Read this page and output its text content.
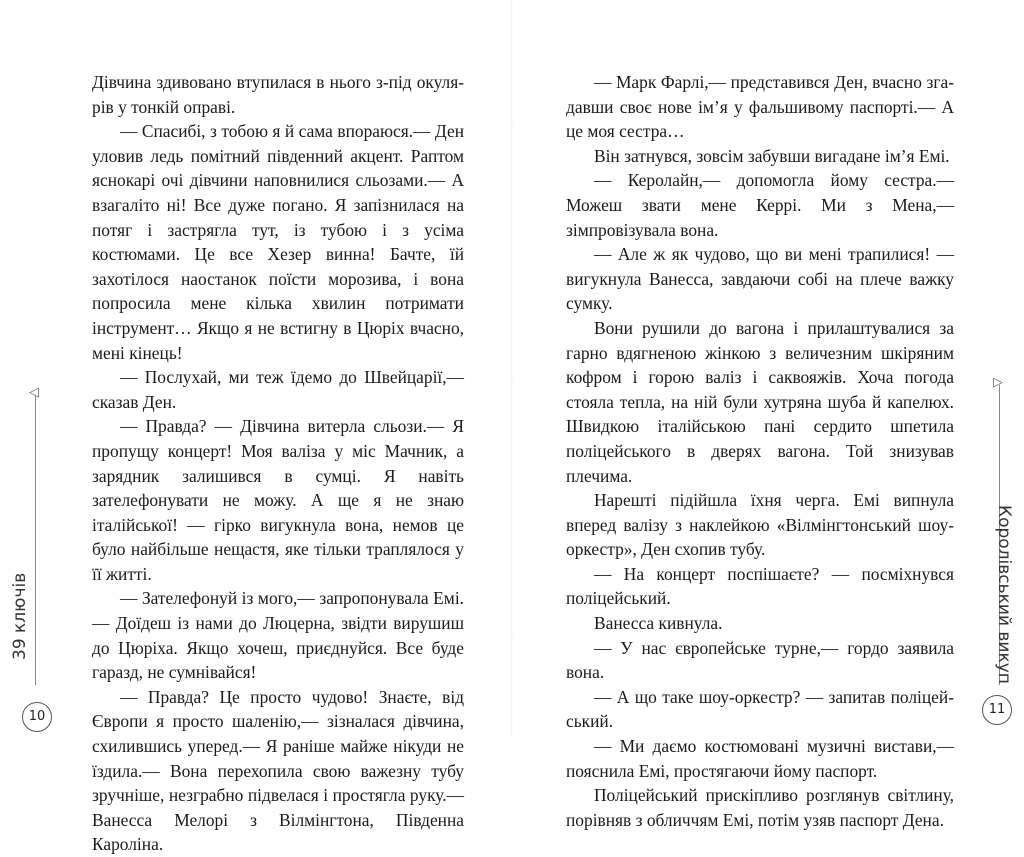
Дівчина здивовано втупилася в нього з-під окулярів у тонкій оправі.

— Спасибі, з тобою я й сама впораюся.— Ден уловив ледь помітний південний акцент. Раптом яснокарі очі дівчини наповнилися сльозами.— А взагаліто ні! Все дуже погано. Я запізнилася на потяг і застрягла тут, із тубою і з усіма костюмами. Це все Хезер винна! Бачте, їй захотілося наостанок поїсти морозива, і вона попросила мене кілька хвилин потримати інструмент… Якщо я не встигну в Цюріх вчасно, мені кінець!

— Послухай, ми теж їдемо до Швейцарії,— сказав Ден.

— Правда? — Дівчина витерла сльози.— Я пропущу концерт! Моя валіза у міс Мачник, а зарядник залишився в сумці. Я навіть зателефонувати не можу. А ще я не знаю італійської! — гірко вигукнула вона, немов це було найбільше нещастя, яке тільки траплялося у її житті.

— Зателефонуй із мого,— запропонувала Емі.— Доїдеш із нами до Люцерна, звідти вирушиш до Цюріха. Якщо хочеш, приєднуйся. Все буде гаразд, не сумнівайся!

— Правда? Це просто чудово! Знаєте, від Європи я просто шаленію,— зізналася дівчина, схилившись уперед.— Я раніше майже нікуди не їздила.— Вона перехопила свою важезну тубу зручніше, незграбно підвелася і простягла руку.— Ванесса Мелорі з Вілмінгтона, Південна Кароліна.

— Марк Фарлі,— представився Ден, вчасно згадавши своє нове ім’я у фальшивому паспорті.— А це моя сестра…

Він затнувся, зовсім забувши вигадане ім’я Емі.

— Керолайн,— допомогла йому сестра.— Можеш звати мене Керрі. Ми з Мена,— зімпровізувала вона.

— Але ж як чудово, що ви мені трапилися! — вигукнула Ванесса, завдаючи собі на плече важку сумку.

Вони рушили до вагона і прилаштувалися за гарно вдягненою жінкою з величезним шкіряним кофром і горою валіз і саквояжів. Хоча погода стояла тепла, на ній були хутряна шуба й капелюх. Швидкою італійською пані сердито шпетила поліцейського в дверях вагона. Той знизував плечима.

Нарешті підійшла їхня черга. Емі випнула вперед валізу з наклейкою «Вілмінгтонський шоу-оркестр», Ден схопив тубу.

— На концерт поспішаєте? — посміхнувся поліцейський.

Ванесса кивнула.

— У нас європейське турне,— гордо заявила вона.

— А що таке шоу-оркестр? — запитав поліцейський.

— Ми даємо костюмовані музичні вистави,— пояснила Емі, простягаючи йому паспорт.

Поліцейський прискіпливо розглянув світлину, порівняв з обличчям Емі, потім узяв паспорт Дена.

◁
39 ключів
10
▷
Королівський викуп
11
